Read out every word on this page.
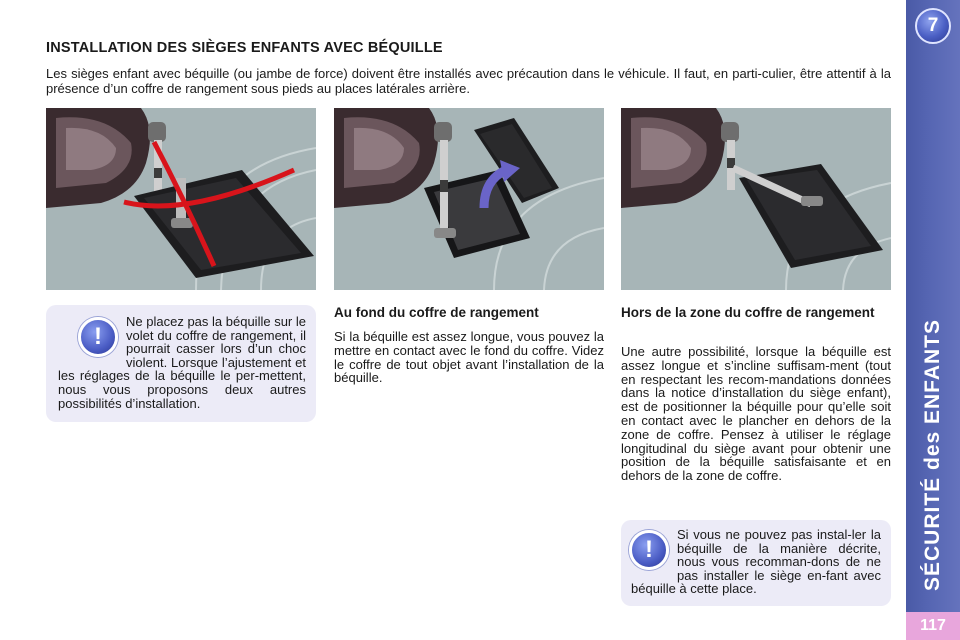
7
SÉCURITÉ des ENFANTS
117
INSTALLATION DES SIÈGES ENFANTS AVEC BÉQUILLE

Les sièges enfant avec béquille (ou jambe de force) doivent être installés avec précaution dans le véhicule. Il faut, en parti-culier, être attentif à la présence d’un coffre de rangement sous pieds au places latérales arrière.

!

Ne placez pas la béquille sur le volet du coffre de rangement, il pourrait casser lors d’un choc violent. Lorsque l’ajustement et les réglages de la béquille le per-mettent, nous vous proposons deux autres possibilités d’installation.

Au fond du coffre de rangement

Si la béquille est assez longue, vous pouvez la mettre en contact avec le fond du coffre. Videz le coffre de tout objet avant l’installation de la béquille.

Hors de la zone du coffre de rangement

Une autre possibilité, lorsque la béquille est assez longue et s’incline suffisam-ment (tout en respectant les recom-mandations données dans la notice d’installation du siège enfant), est de positionner la béquille pour qu’elle soit en contact avec le plancher en dehors de la zone de coffre. Pensez à utiliser le réglage longitudinal du siège avant pour obtenir une position de la béquille satisfaisante et en dehors de la zone de coffre.

!

Si vous ne pouvez pas instal-ler la béquille de la manière décrite, nous vous recomman-dons de ne pas installer le siège en-fant avec béquille à cette place.
